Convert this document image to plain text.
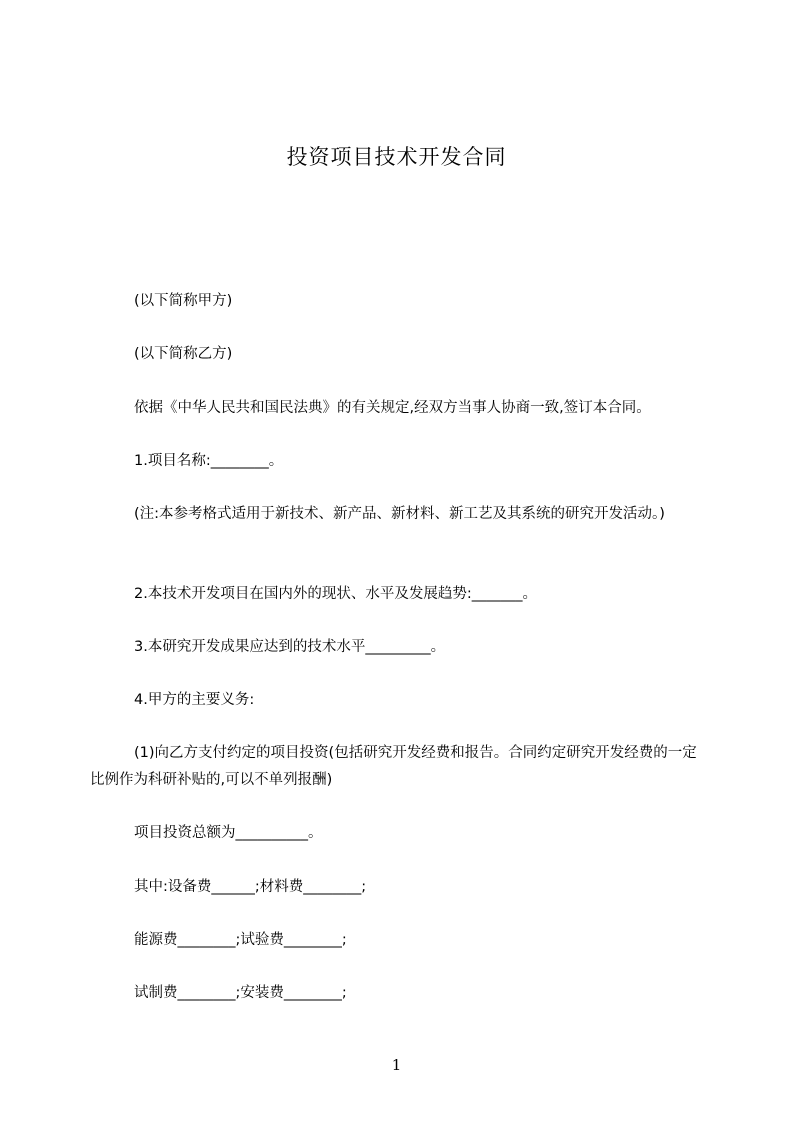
投资项目技术开发合同
(以下简称甲方)
(以下简称乙方)
依据《中华人民共和国民法典》的有关规定,经双方当事人协商一致,签订本合同。
1.项目名称:________。
(注:本参考格式适用于新技术、新产品、新材料、新工艺及其系统的研究开发活动。)
2.本技术开发项目在国内外的现状、水平及发展趋势:_______。
3.本研究开发成果应达到的技术水平_________。
4.甲方的主要义务:
(1)向乙方支付约定的项目投资(包括研究开发经费和报告。合同约定研究开发经费的一定比例作为科研补贴的,可以不单列报酬)
项目投资总额为__________。
其中:设备费______;材料费________;
能源费________;试验费________;
试制费________;安装费________;
1
